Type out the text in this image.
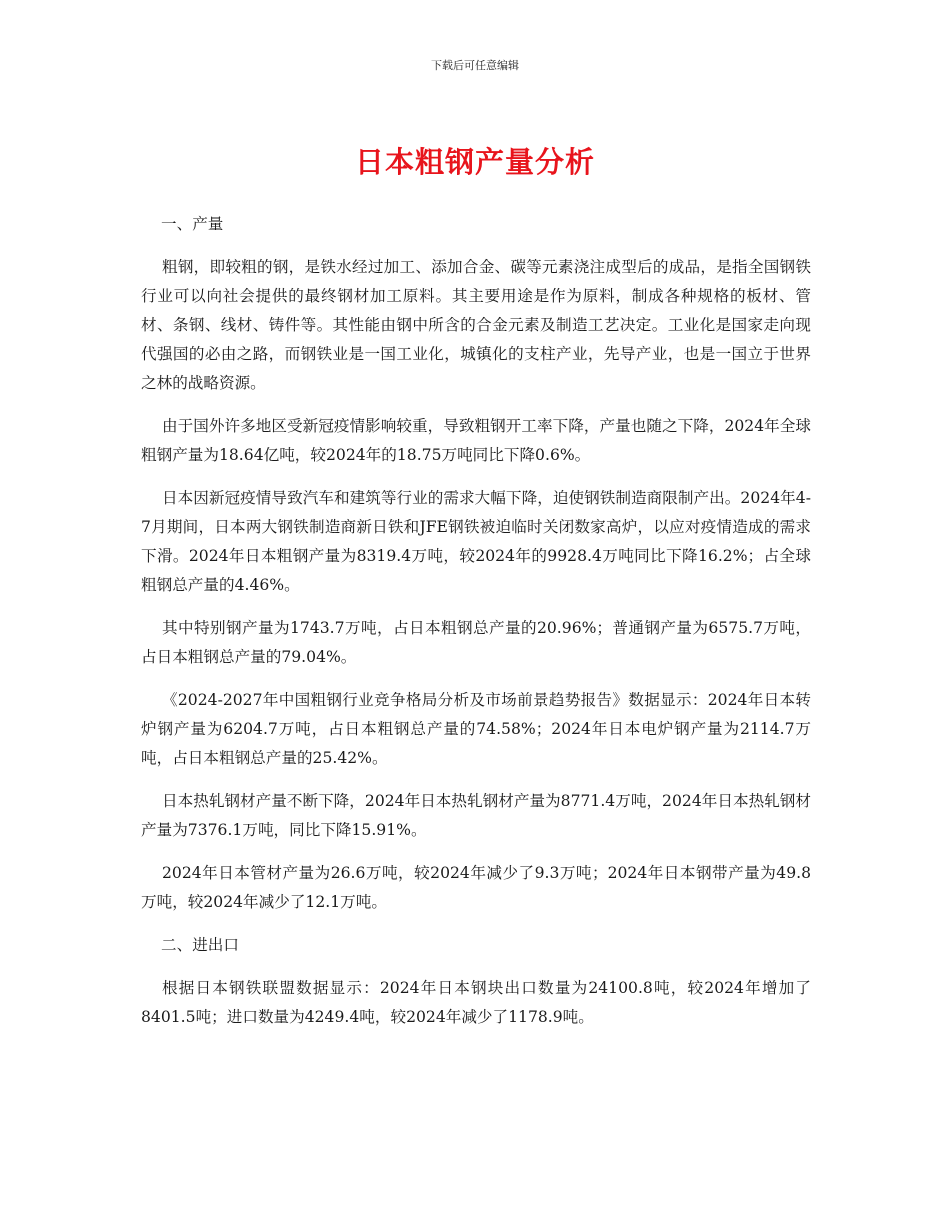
下载后可任意编辑
日本粗钢产量分析
一、产量

粗钢，即较粗的钢，是铁水经过加工、添加合金、碳等元素浇注成型后的成品，是指全国钢铁行业可以向社会提供的最终钢材加工原料。其主要用途是作为原料，制成各种规格的板材、管材、条钢、线材、铸件等。其性能由钢中所含的合金元素及制造工艺决定。工业化是国家走向现代强国的必由之路，而钢铁业是一国工业化，城镇化的支柱产业，先导产业，也是一国立于世界之林的战略资源。

由于国外许多地区受新冠疫情影响较重，导致粗钢开工率下降，产量也随之下降，2024年全球粗钢产量为18.64亿吨，较2024年的18.75万吨同比下降0.6%。

日本因新冠疫情导致汽车和建筑等行业的需求大幅下降，迫使钢铁制造商限制产出。2024年4-7月期间，日本两大钢铁制造商新日铁和JFE钢铁被迫临时关闭数家高炉，以应对疫情造成的需求下滑。2024年日本粗钢产量为8319.4万吨，较2024年的9928.4万吨同比下降16.2%；占全球粗钢总产量的4.46%。

其中特别钢产量为1743.7万吨，占日本粗钢总产量的20.96%；普通钢产量为6575.7万吨，占日本粗钢总产量的79.04%。

《2024-2027年中国粗钢行业竞争格局分析及市场前景趋势报告》数据显示：2024年日本转炉钢产量为6204.7万吨，占日本粗钢总产量的74.58%；2024年日本电炉钢产量为2114.7万吨，占日本粗钢总产量的25.42%。

日本热轧钢材产量不断下降，2024年日本热轧钢材产量为8771.4万吨，2024年日本热轧钢材产量为7376.1万吨，同比下降15.91%。

2024年日本管材产量为26.6万吨，较2024年减少了9.3万吨；2024年日本钢带产量为49.8万吨，较2024年减少了12.1万吨。

二、进出口

根据日本钢铁联盟数据显示：2024年日本钢块出口数量为24100.8吨，较2024年增加了8401.5吨；进口数量为4249.4吨，较2024年减少了1178.9吨。
